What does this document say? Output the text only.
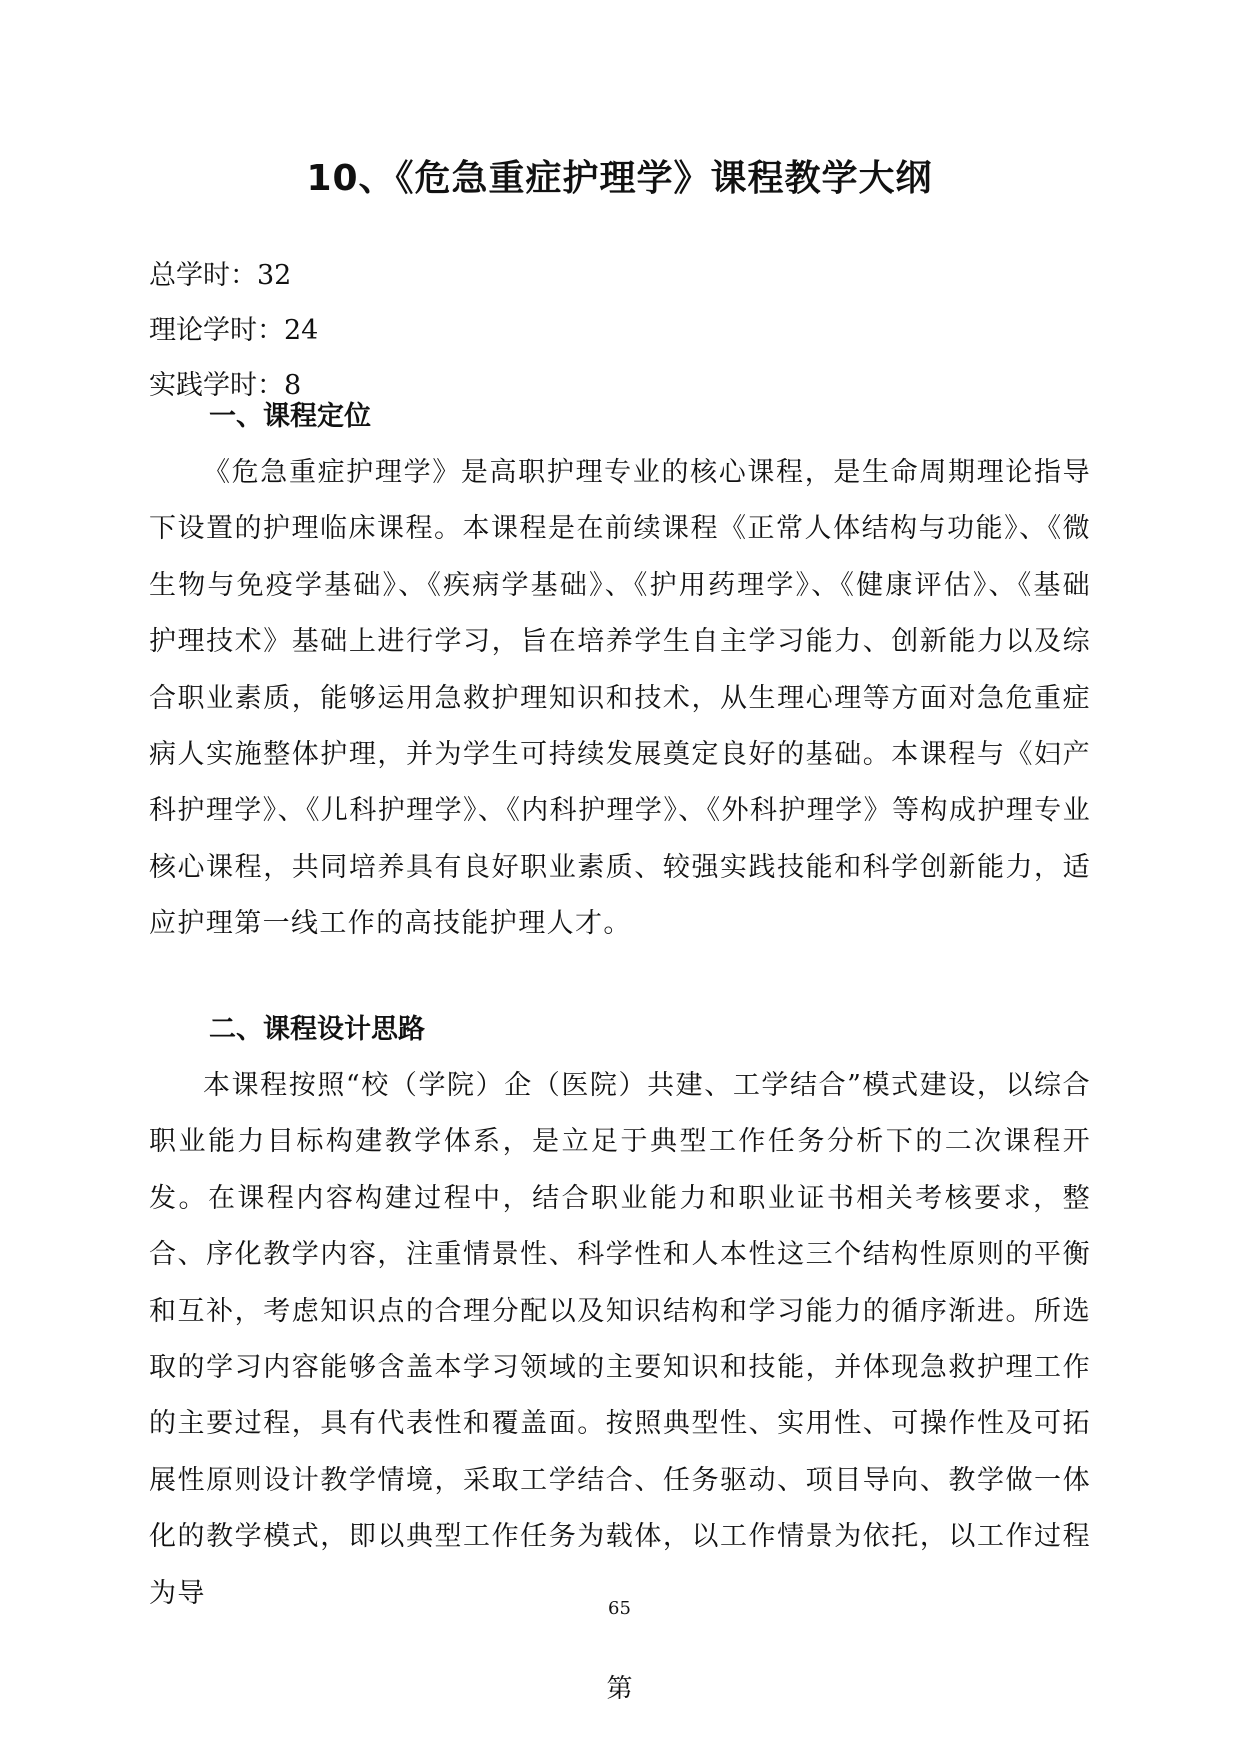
10、《危急重症护理学》课程教学大纲
总学时：32
理论学时：24
实践学时：8
一、课程定位

《危急重症护理学》是高职护理专业的核心课程，是生命周期理论指导下设置的护理临床课程。本课程是在前续课程《正常人体结构与功能》、《微生物与免疫学基础》、《疾病学基础》、《护用药理学》、《健康评估》、《基础护理技术》基础上进行学习，旨在培养学生自主学习能力、创新能力以及综合职业素质，能够运用急救护理知识和技术，从生理心理等方面对急危重症病人实施整体护理，并为学生可持续发展奠定良好的基础。本课程与《妇产科护理学》、《儿科护理学》、《内科护理学》、《外科护理学》等构成护理专业核心课程，共同培养具有良好职业素质、较强实践技能和科学创新能力，适应护理第一线工作的高技能护理人才。

二、课程设计思路

本课程按照“校（学院）企（医院）共建、工学结合”模式建设，以综合职业能力目标构建教学体系，是立足于典型工作任务分析下的二次课程开发。在课程内容构建过程中，结合职业能力和职业证书相关考核要求，整合、序化教学内容，注重情景性、科学性和人本性这三个结构性原则的平衡和互补，考虑知识点的合理分配以及知识结构和学习能力的循序渐进。所选取的学习内容能够含盖本学习领域的主要知识和技能，并体现急救护理工作的主要过程，具有代表性和覆盖面。按照典型性、实用性、可操作性及可拓展性原则设计教学情境，采取工学结合、任务驱动、项目导向、教学做一体化的教学模式，即以典型工作任务为载体，以工作情景为依托，以工作过程为导	65
第
